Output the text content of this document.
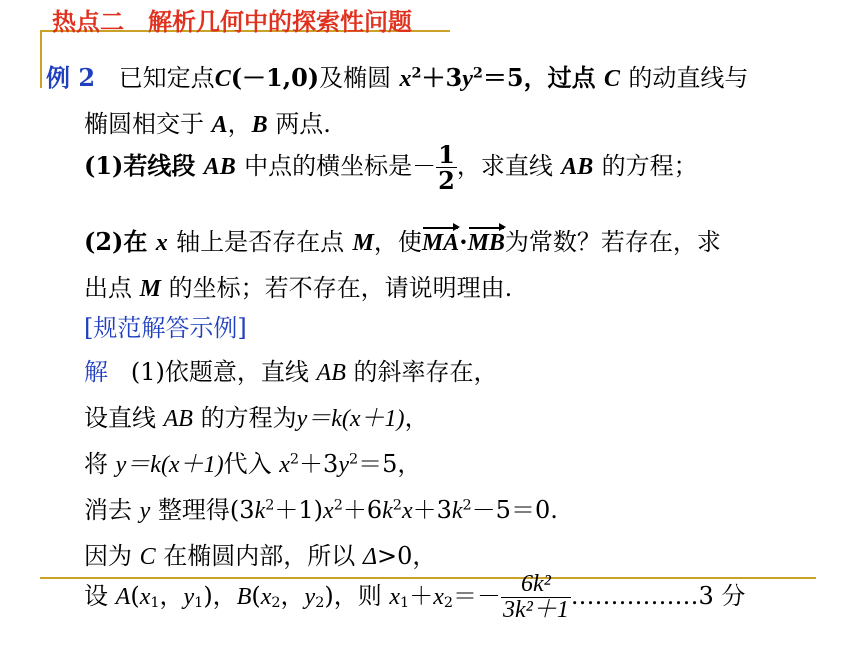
热点二　解析几何中的探索性问题
例 2 已知定点C(－1,0)及椭圆 $x^2+3y^2=5$，过点 C 的动直线与
椭圆相交于 A，B 两点.
(1)若线段 AB 中点的横坐标是－ $\frac{1}{2}$ ，求直线 AB 的方程；
(2)在 x 轴上是否存在点 M，使MA·MB为常数？若存在，求
出点 M 的坐标；若不存在，请说明理由.
[规范解答示例]
解 (1)依题意，直线 AB 的斜率存在，
设直线 AB 的方程为y＝k(x＋1)，
将 y＝k(x＋1)代入 $x^2+3y^2=5$，
消去 y 整理得$(3k^2+1)x^2+6k^2x+3k^2-5=0$.
因为 C 在椭圆内部，所以 Δ>0，
设 $A(x_1$，$y_1$)，$B(x_2$，$y_2$)，则 $x_1+x_2=- \frac{\text{6k²}}{\text{3k²＋1}}$ .……………3 分
